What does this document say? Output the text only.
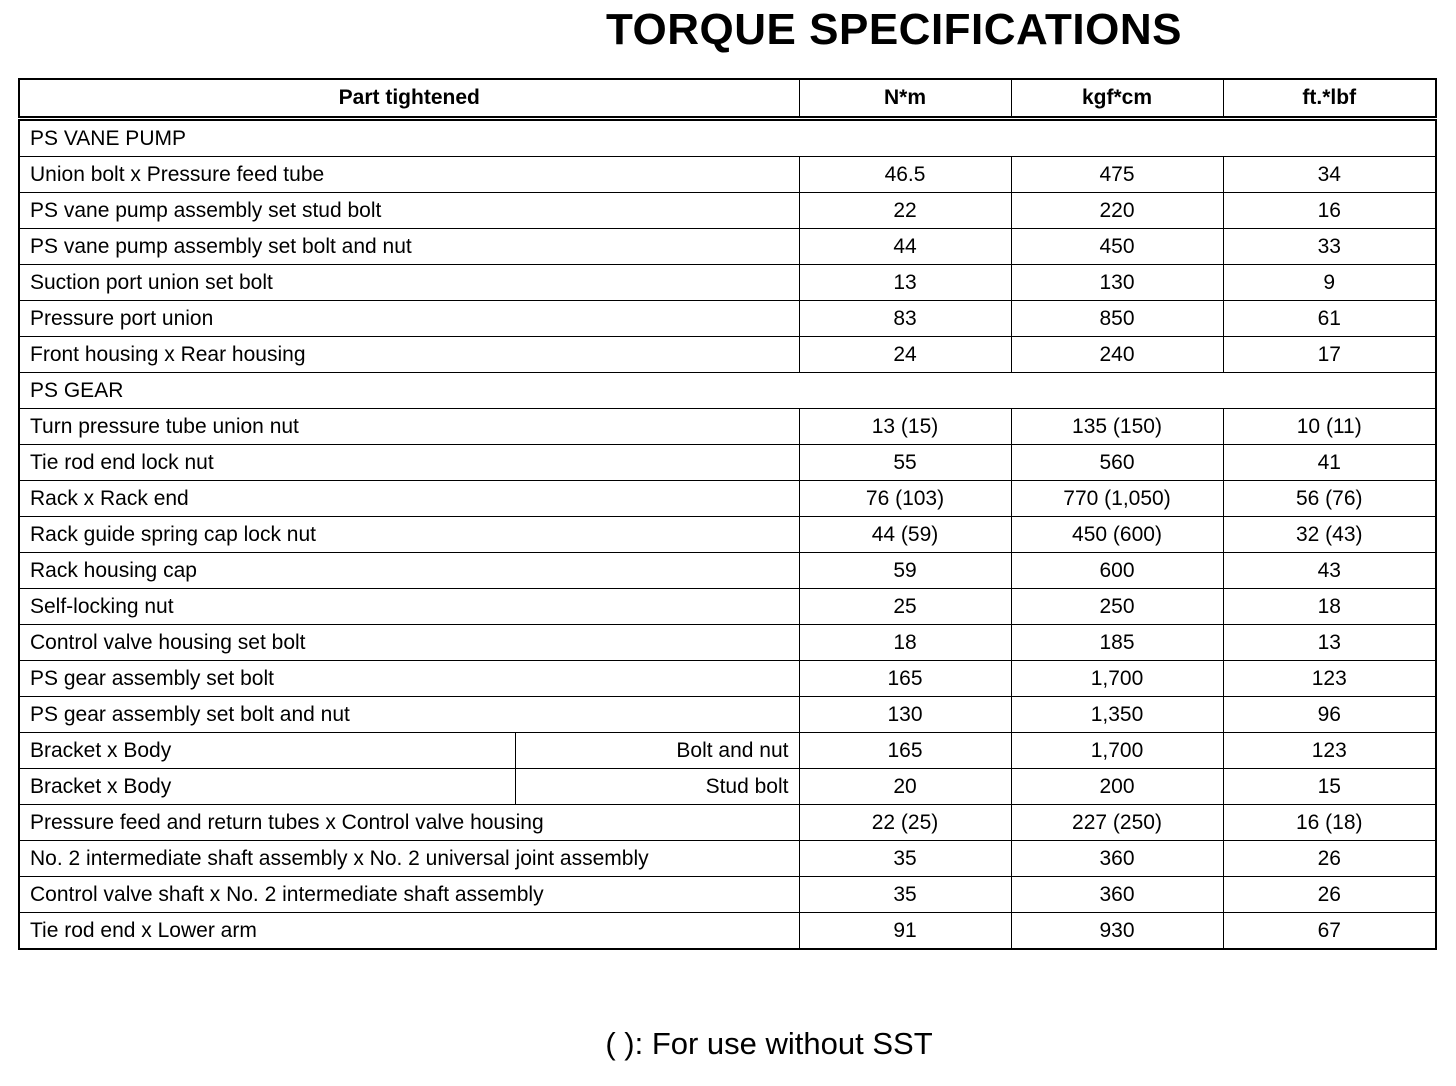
TORQUE SPECIFICATIONS
Part tightened		N*m	kgf*cm	ft.*lbf
PS VANE PUMP				
Union bolt x Pressure feed tube		46.5	475	34
PS vane pump assembly set stud bolt		22	220	16
PS vane pump assembly set bolt and nut		44	450	33
Suction port union set bolt		13	130	9
Pressure port union		83	850	61
Front housing x Rear housing		24	240	17
PS GEAR				
Turn pressure tube union nut		13 (15)	135 (150)	10 (11)
Tie rod end lock nut		55	560	41
Rack x Rack end		76 (103)	770 (1,050)	56 (76)
Rack guide spring cap lock nut		44 (59)	450 (600)	32 (43)
Rack housing cap		59	600	43
Self-locking nut		25	250	18
Control valve housing set bolt		18	185	13
PS gear assembly set bolt		165	1,700	123
PS gear assembly set bolt and nut		130	1,350	96
Bracket x Body	Bolt and nut	165	1,700	123
Bracket x Body	Stud bolt	20	200	15
Pressure feed and return tubes x Control valve housing		22 (25)	227 (250)	16 (18)
No. 2 intermediate shaft assembly x No. 2 universal joint assembly		35	360	26
Control valve shaft x No. 2 intermediate shaft assembly		35	360	26
Tie rod end x Lower arm		91	930	67

( ): For use without SST
